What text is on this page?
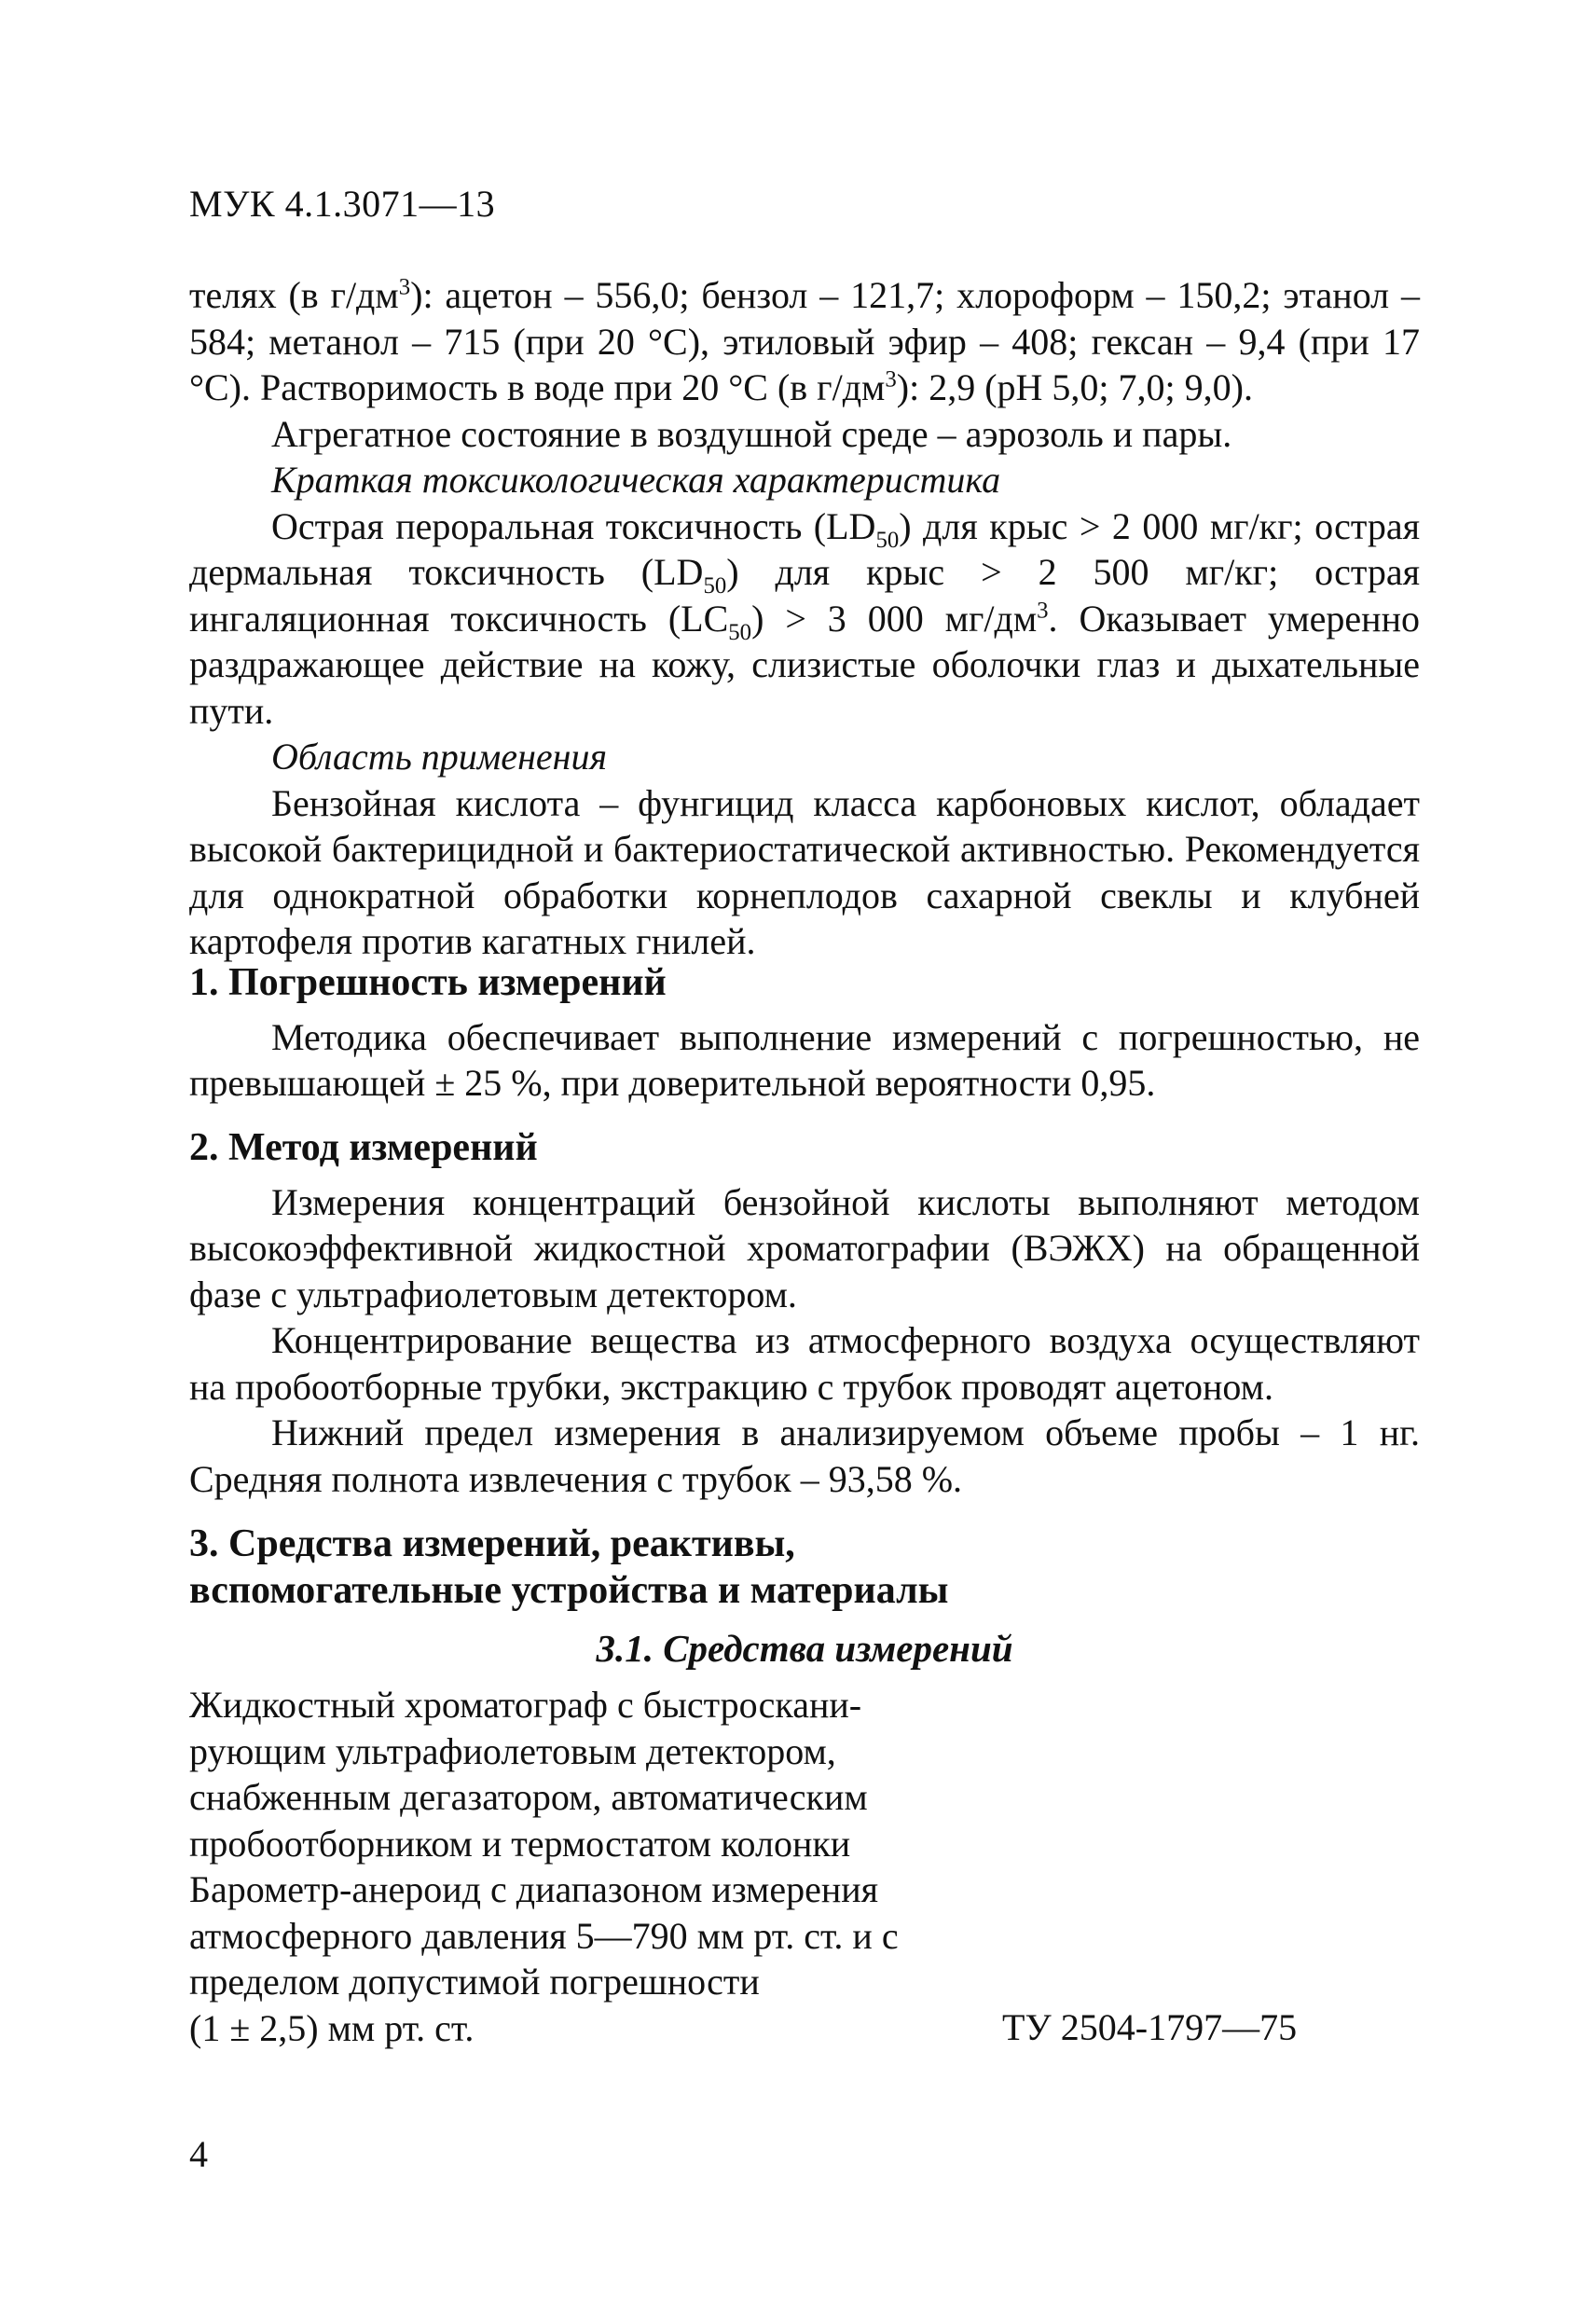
МУК 4.1.3071—13

телях (в $г/дм^3$): ацетон – 556,0; бензол – 121,7; хлороформ – 150,2; этанол – 584; метанол – 715 (при 20 °С), этиловый эфир – 408; гексан – 9,4 (при 17 °С). Растворимость в воде при 20 °С (в $г/дм^3$): 2,9 (рН 5,0; 7,0; 9,0).

Агрегатное состояние в воздушной среде – аэрозоль и пары.

Краткая токсикологическая характеристика

Острая пероральная токсичность $(LD_{50})$ для крыс > 2 000 мг/кг; острая дермальная токсичность $(LD_{50})$ для крыс > 2 500 мг/кг; острая ингаляционная токсичность $(LC_{50}) > 3$ 000 $мг/дм^3$. Оказывает умеренно раздражающее действие на кожу, слизистые оболочки глаз и дыхательные пути.

Область применения

Бензойная кислота – фунгицид класса карбоновых кислот, обладает высокой бактерицидной и бактериостатической активностью. Рекомендуется для однократной обработки корнеплодов сахарной свеклы и клубней картофеля против кагатных гнилей.

1. Погрешность измерений

Методика обеспечивает выполнение измерений с погрешностью, не превышающей ± 25 %, при доверительной вероятности 0,95.

2. Метод измерений

Измерения концентраций бензойной кислоты выполняют методом высокоэффективной жидкостной хроматографии (ВЭЖХ) на обращенной фазе с ультрафиолетовым детектором.

Концентрирование вещества из атмосферного воздуха осуществляют на пробоотборные трубки, экстракцию с трубок проводят ацетоном.

Нижний предел измерения в анализируемом объеме пробы – 1 нг. Средняя полнота извлечения с трубок – 93,58 %.

3. Средства измерений, реактивы,

вспомогательные устройства и материалы

3.1. Средства измерений
Жидкостный хроматограф с быстроскани-
рующим ультрафиолетовым детектором,
снабженным дегазатором, автоматическим
пробоотборником и термостатом колонки
Барометр-анероид с диапазоном измерения
атмосферного давления 5—790 мм рт. ст. и с
пределом допустимой погрешности
(1 ± 2,5) мм рт. ст.	ТУ 2504-1797—75
4
